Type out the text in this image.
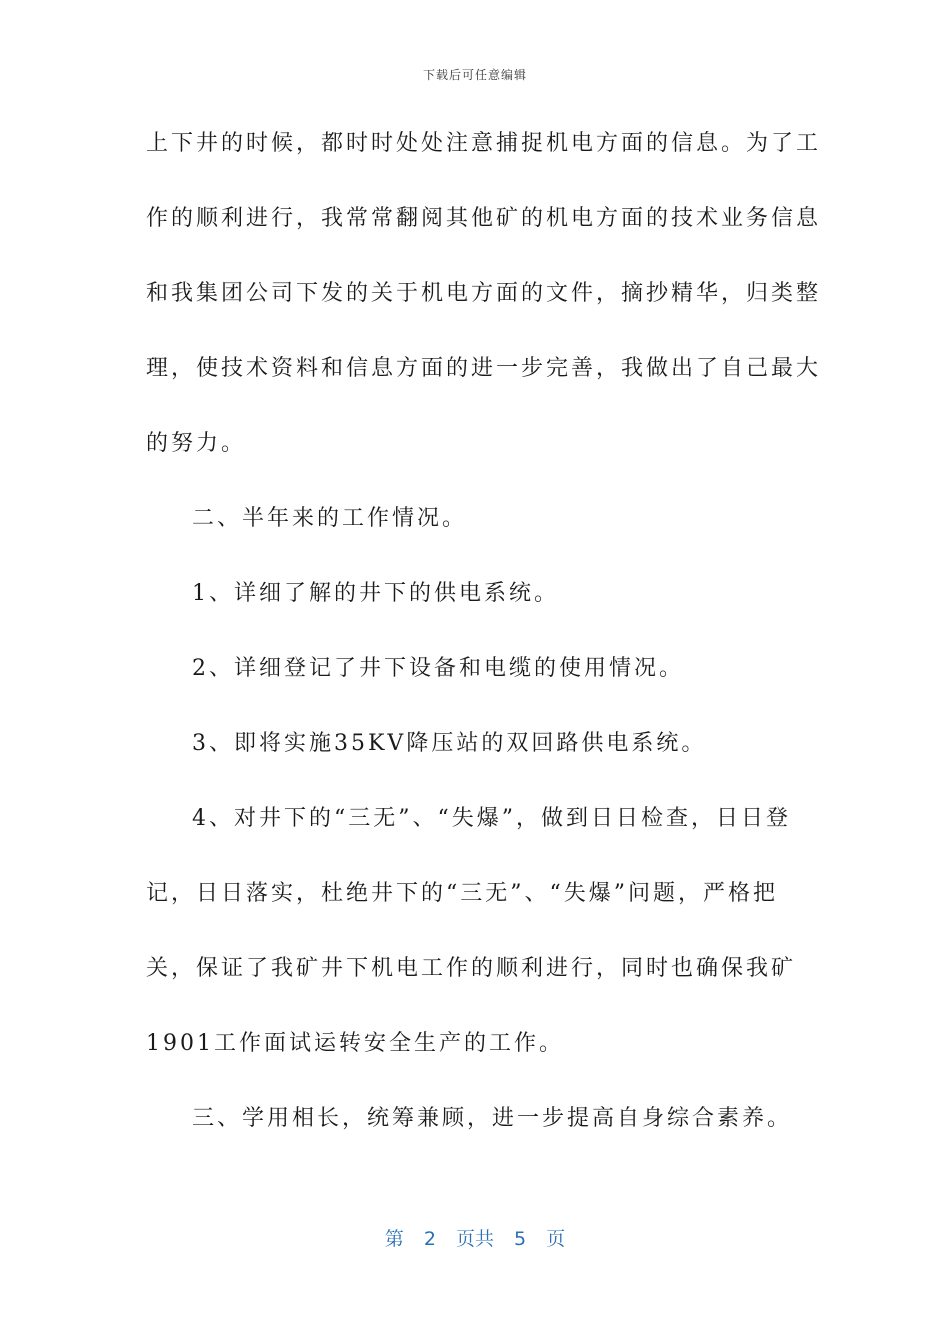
下载后可任意编辑
上下井的时候，都时时处处注意捕捉机电方面的信息。为了工
作的顺利进行，我常常翻阅其他矿的机电方面的技术业务信息
和我集团公司下发的关于机电方面的文件，摘抄精华，归类整
理，使技术资料和信息方面的进一步完善，我做出了自己最大
的努力。
二、半年来的工作情况。
1、详细了解的井下的供电系统。
2、详细登记了井下设备和电缆的使用情况。
3、即将实施35KV降压站的双回路供电系统。
4、对井下的“三无”、“失爆”，做到日日检查，日日登
记，日日落实，杜绝井下的“三无”、“失爆”问题，严格把
关，保证了我矿井下机电工作的顺利进行，同时也确保我矿
1901工作面试运转安全生产的工作。
三、学用相长，统筹兼顾，进一步提高自身综合素养。
第 2 页共 5 页
